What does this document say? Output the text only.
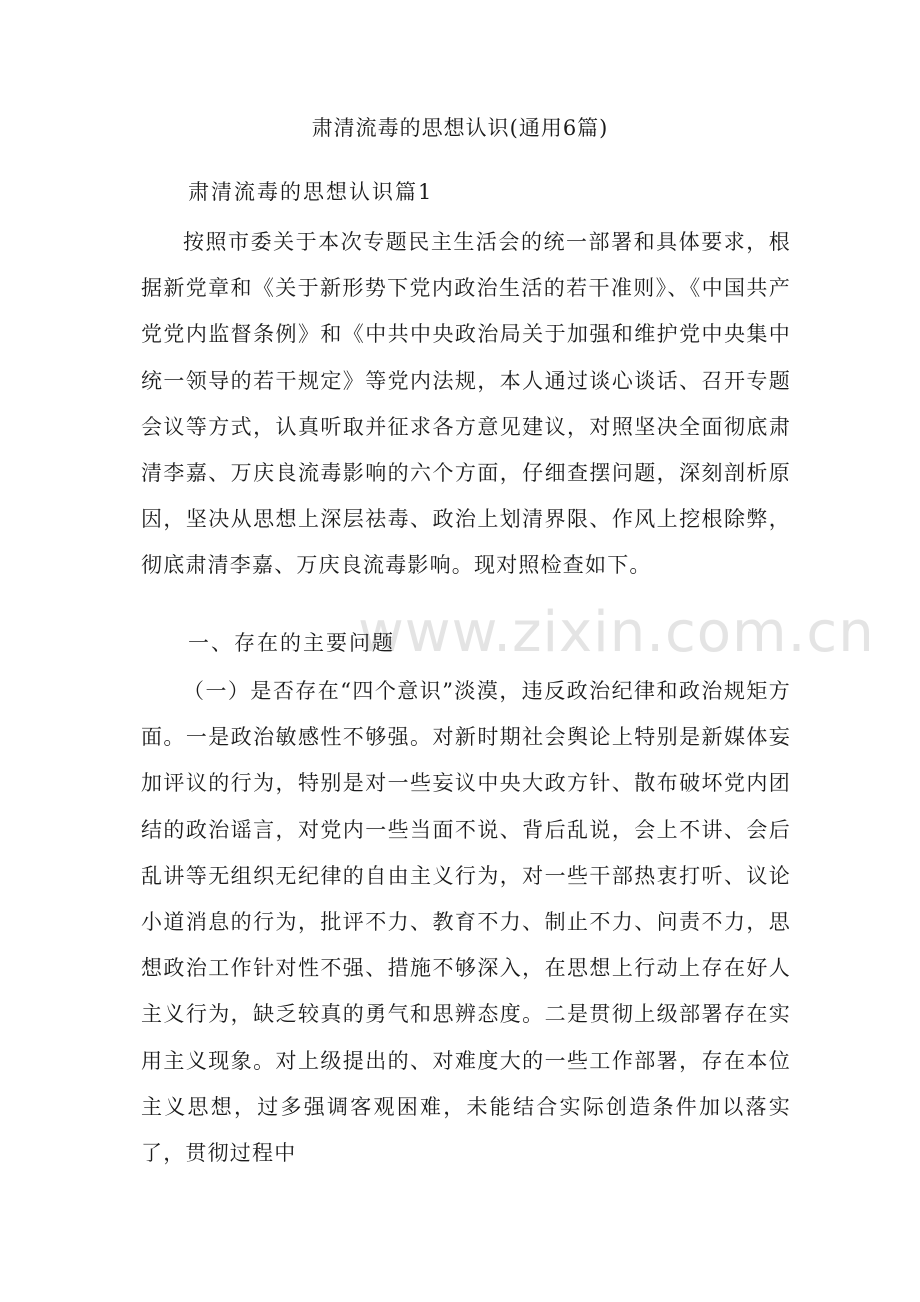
www.zixin.com.cn
肃清流毒的思想认识(通用6篇)

肃清流毒的思想认识篇1

按照市委关于本次专题民主生活会的统一部署和具体要求，根据新党章和《关于新形势下党内政治生活的若干准则》、《中国共产党党内监督条例》和《中共中央政治局关于加强和维护党中央集中统一领导的若干规定》等党内法规，本人通过谈心谈话、召开专题会议等方式，认真听取并征求各方意见建议，对照坚决全面彻底肃清李嘉、万庆良流毒影响的六个方面，仔细查摆问题，深刻剖析原因，坚决从思想上深层祛毒、政治上划清界限、作风上挖根除弊，彻底肃清李嘉、万庆良流毒影响。现对照检查如下。

一、存在的主要问题

（一）是否存在“四个意识”淡漠，违反政治纪律和政治规矩方面。一是政治敏感性不够强。对新时期社会舆论上特别是新媒体妄加评议的行为，特别是对一些妄议中央大政方针、散布破坏党内团结的政治谣言，对党内一些当面不说、背后乱说，会上不讲、会后乱讲等无组织无纪律的自由主义行为，对一些干部热衷打听、议论小道消息的行为，批评不力、教育不力、制止不力、问责不力，思想政治工作针对性不强、措施不够深入，在思想上行动上存在好人主义行为，缺乏较真的勇气和思辨态度。二是贯彻上级部署存在实用主义现象。对上级提出的、对难度大的一些工作部署，存在本位主义思想，过多强调客观困难，未能结合实际创造条件加以落实了，贯彻过程中
